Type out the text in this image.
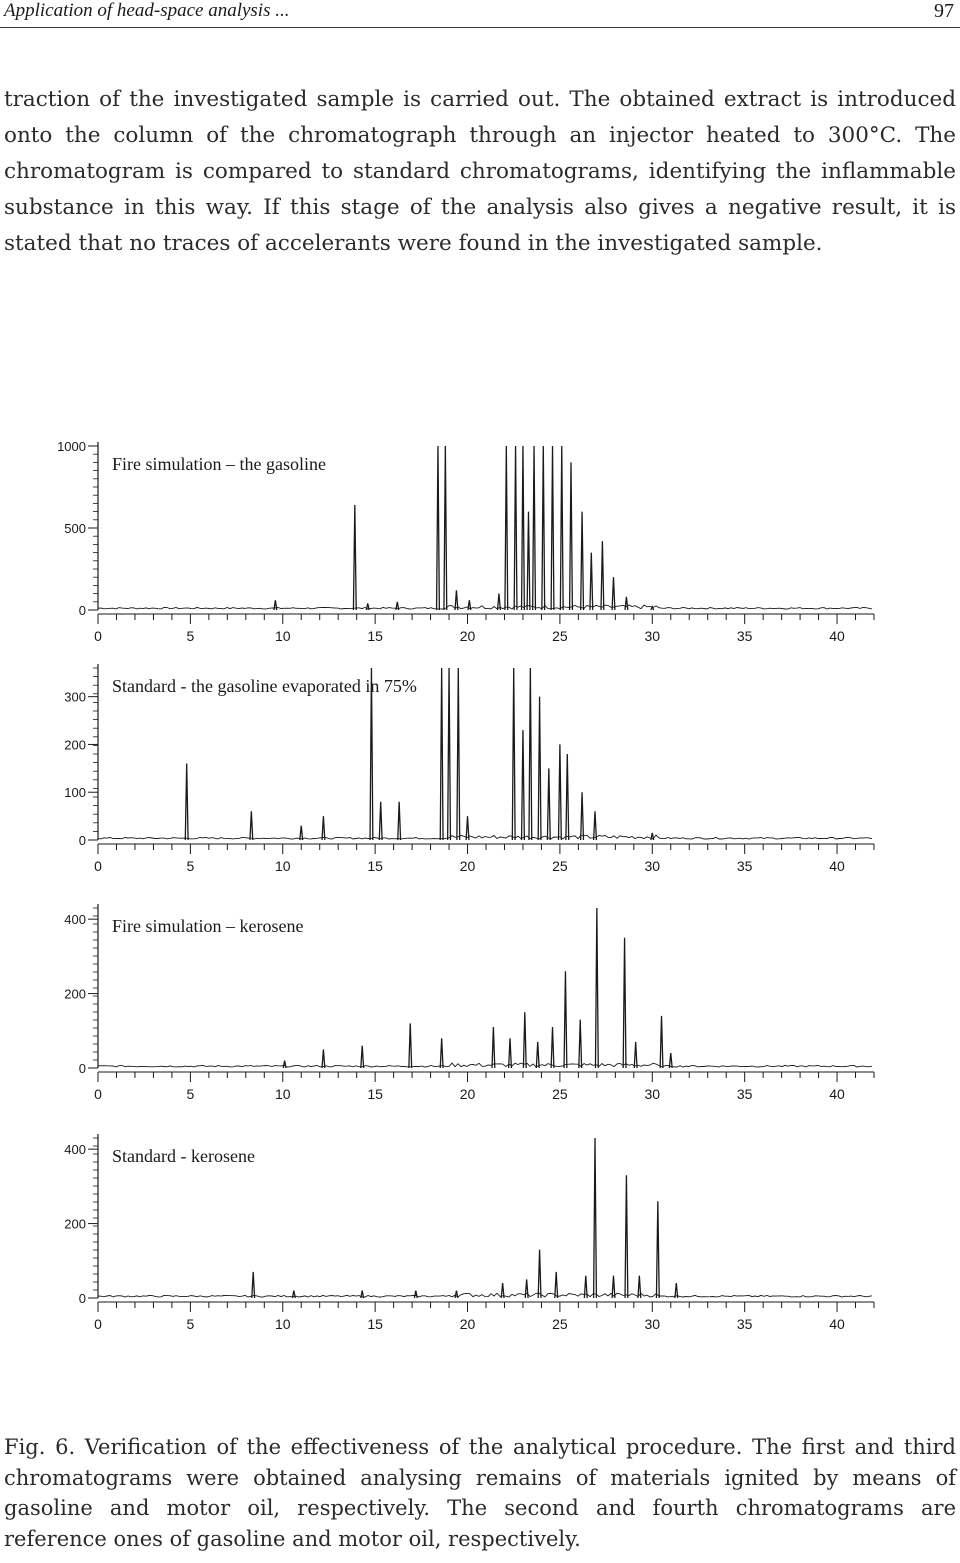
Application of head-space analysis ...	97

traction of the investigated sample is carried out. The obtained extract is introduced onto the column of the chromatograph through an injector heated to 300°C. The chromatogram is compared to standard chromatograms, identifying the inflammable substance in this way. If this stage of the analysis also gives a negative result, it is stated that no traces of accelerants were found in the investigated sample.

0
500
1000
0	5	10	15	20	25	30	35	40
Fire simulation – the gasoline
0
100
200
300
0	5	10	15	20	25	30	35	40
Standard - the gasoline evaporated in 75%
0
200
400
0	5	10	15	20	25	30	35	40
Fire simulation – kerosene
0
200
400
0	5	10	15	20	25	30	35	40
Standard - kerosene

Fig. 6. Verification of the effectiveness of the analytical procedure. The first and third chromatograms were obtained analysing remains of materials ignited by means of gasoline and motor oil, respectively. The second and fourth chromatograms are reference ones of gasoline and motor oil, respectively.
